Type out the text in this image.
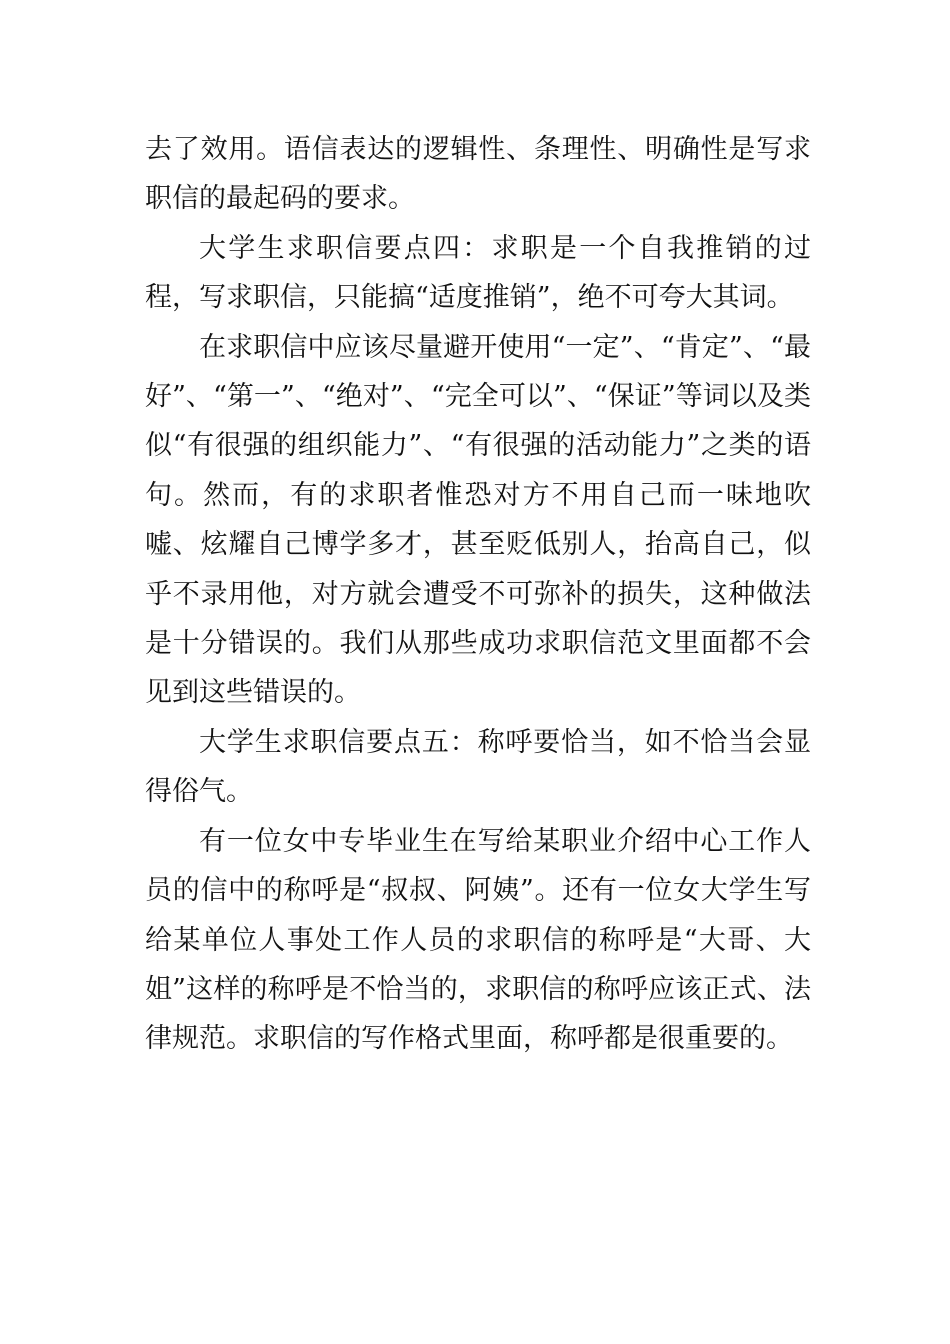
去了效用。语信表达的逻辑性、条理性、明确性是写求职信的最起码的要求。

大学生求职信要点四：求职是一个自我推销的过程，写求职信，只能搞“适度推销”，绝不可夸大其词。

在求职信中应该尽量避开使用“一定”、“肯定”、“最好”、“第一”、“绝对”、“完全可以”、“保证”等词以及类似“有很强的组织能力”、“有很强的活动能力”之类的语句。然而，有的求职者惟恐对方不用自己而一味地吹嘘、炫耀自己博学多才，甚至贬低别人，抬高自己，似乎不录用他，对方就会遭受不可弥补的损失，这种做法是十分错误的。我们从那些成功求职信范文里面都不会见到这些错误的。

大学生求职信要点五：称呼要恰当，如不恰当会显得俗气。

有一位女中专毕业生在写给某职业介绍中心工作人员的信中的称呼是“叔叔、阿姨”。还有一位女大学生写给某单位人事处工作人员的求职信的称呼是“大哥、大姐”这样的称呼是不恰当的，求职信的称呼应该正式、法律规范。求职信的写作格式里面，称呼都是很重要的。
